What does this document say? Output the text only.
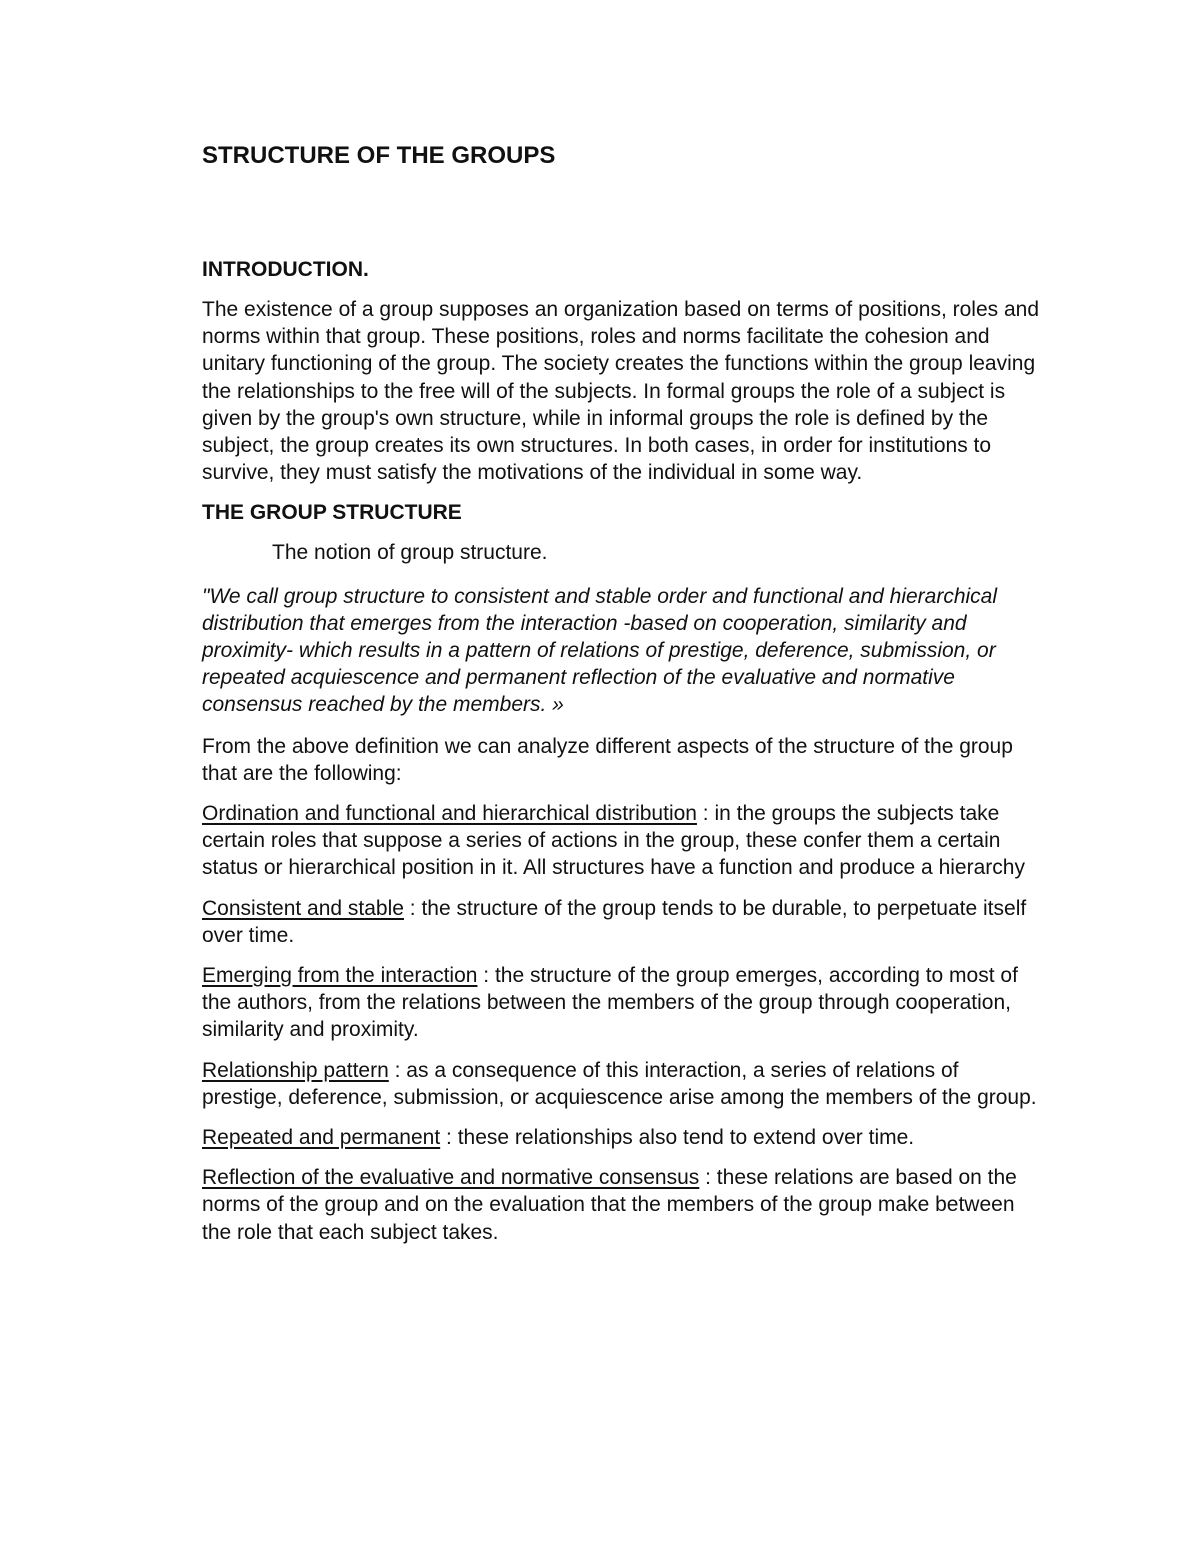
STRUCTURE OF THE GROUPS
INTRODUCTION.

The existence of a group supposes an organization based on terms of positions, roles and norms within that group. These positions, roles and norms facilitate the cohesion and unitary functioning of the group. The society creates the functions within the group leaving the relationships to the free will of the subjects. In formal groups the role of a subject is given by the group's own structure, while in informal groups the role is defined by the subject, the group creates its own structures. In both cases, in order for institutions to survive, they must satisfy the motivations of the individual in some way.

THE GROUP STRUCTURE

The notion of group structure.

"We call group structure to consistent and stable order and functional and hierarchical distribution that emerges from the interaction -based on cooperation, similarity and proximity- which results in a pattern of relations of prestige, deference, submission, or repeated acquiescence and permanent reflection of the evaluative and normative consensus reached by the members. »

From the above definition we can analyze different aspects of the structure of the group that are the following:

Ordination and functional and hierarchical distribution : in the groups the subjects take certain roles that suppose a series of actions in the group, these confer them a certain status or hierarchical position in it. All structures have a function and produce a hierarchy

Consistent and stable : the structure of the group tends to be durable, to perpetuate itself over time.

Emerging from the interaction : the structure of the group emerges, according to most of the authors, from the relations between the members of the group through cooperation, similarity and proximity.

Relationship pattern : as a consequence of this interaction, a series of relations of prestige, deference, submission, or acquiescence arise among the members of the group.

Repeated and permanent : these relationships also tend to extend over time.

Reflection of the evaluative and normative consensus : these relations are based on the norms of the group and on the evaluation that the members of the group make between the role that each subject takes.
